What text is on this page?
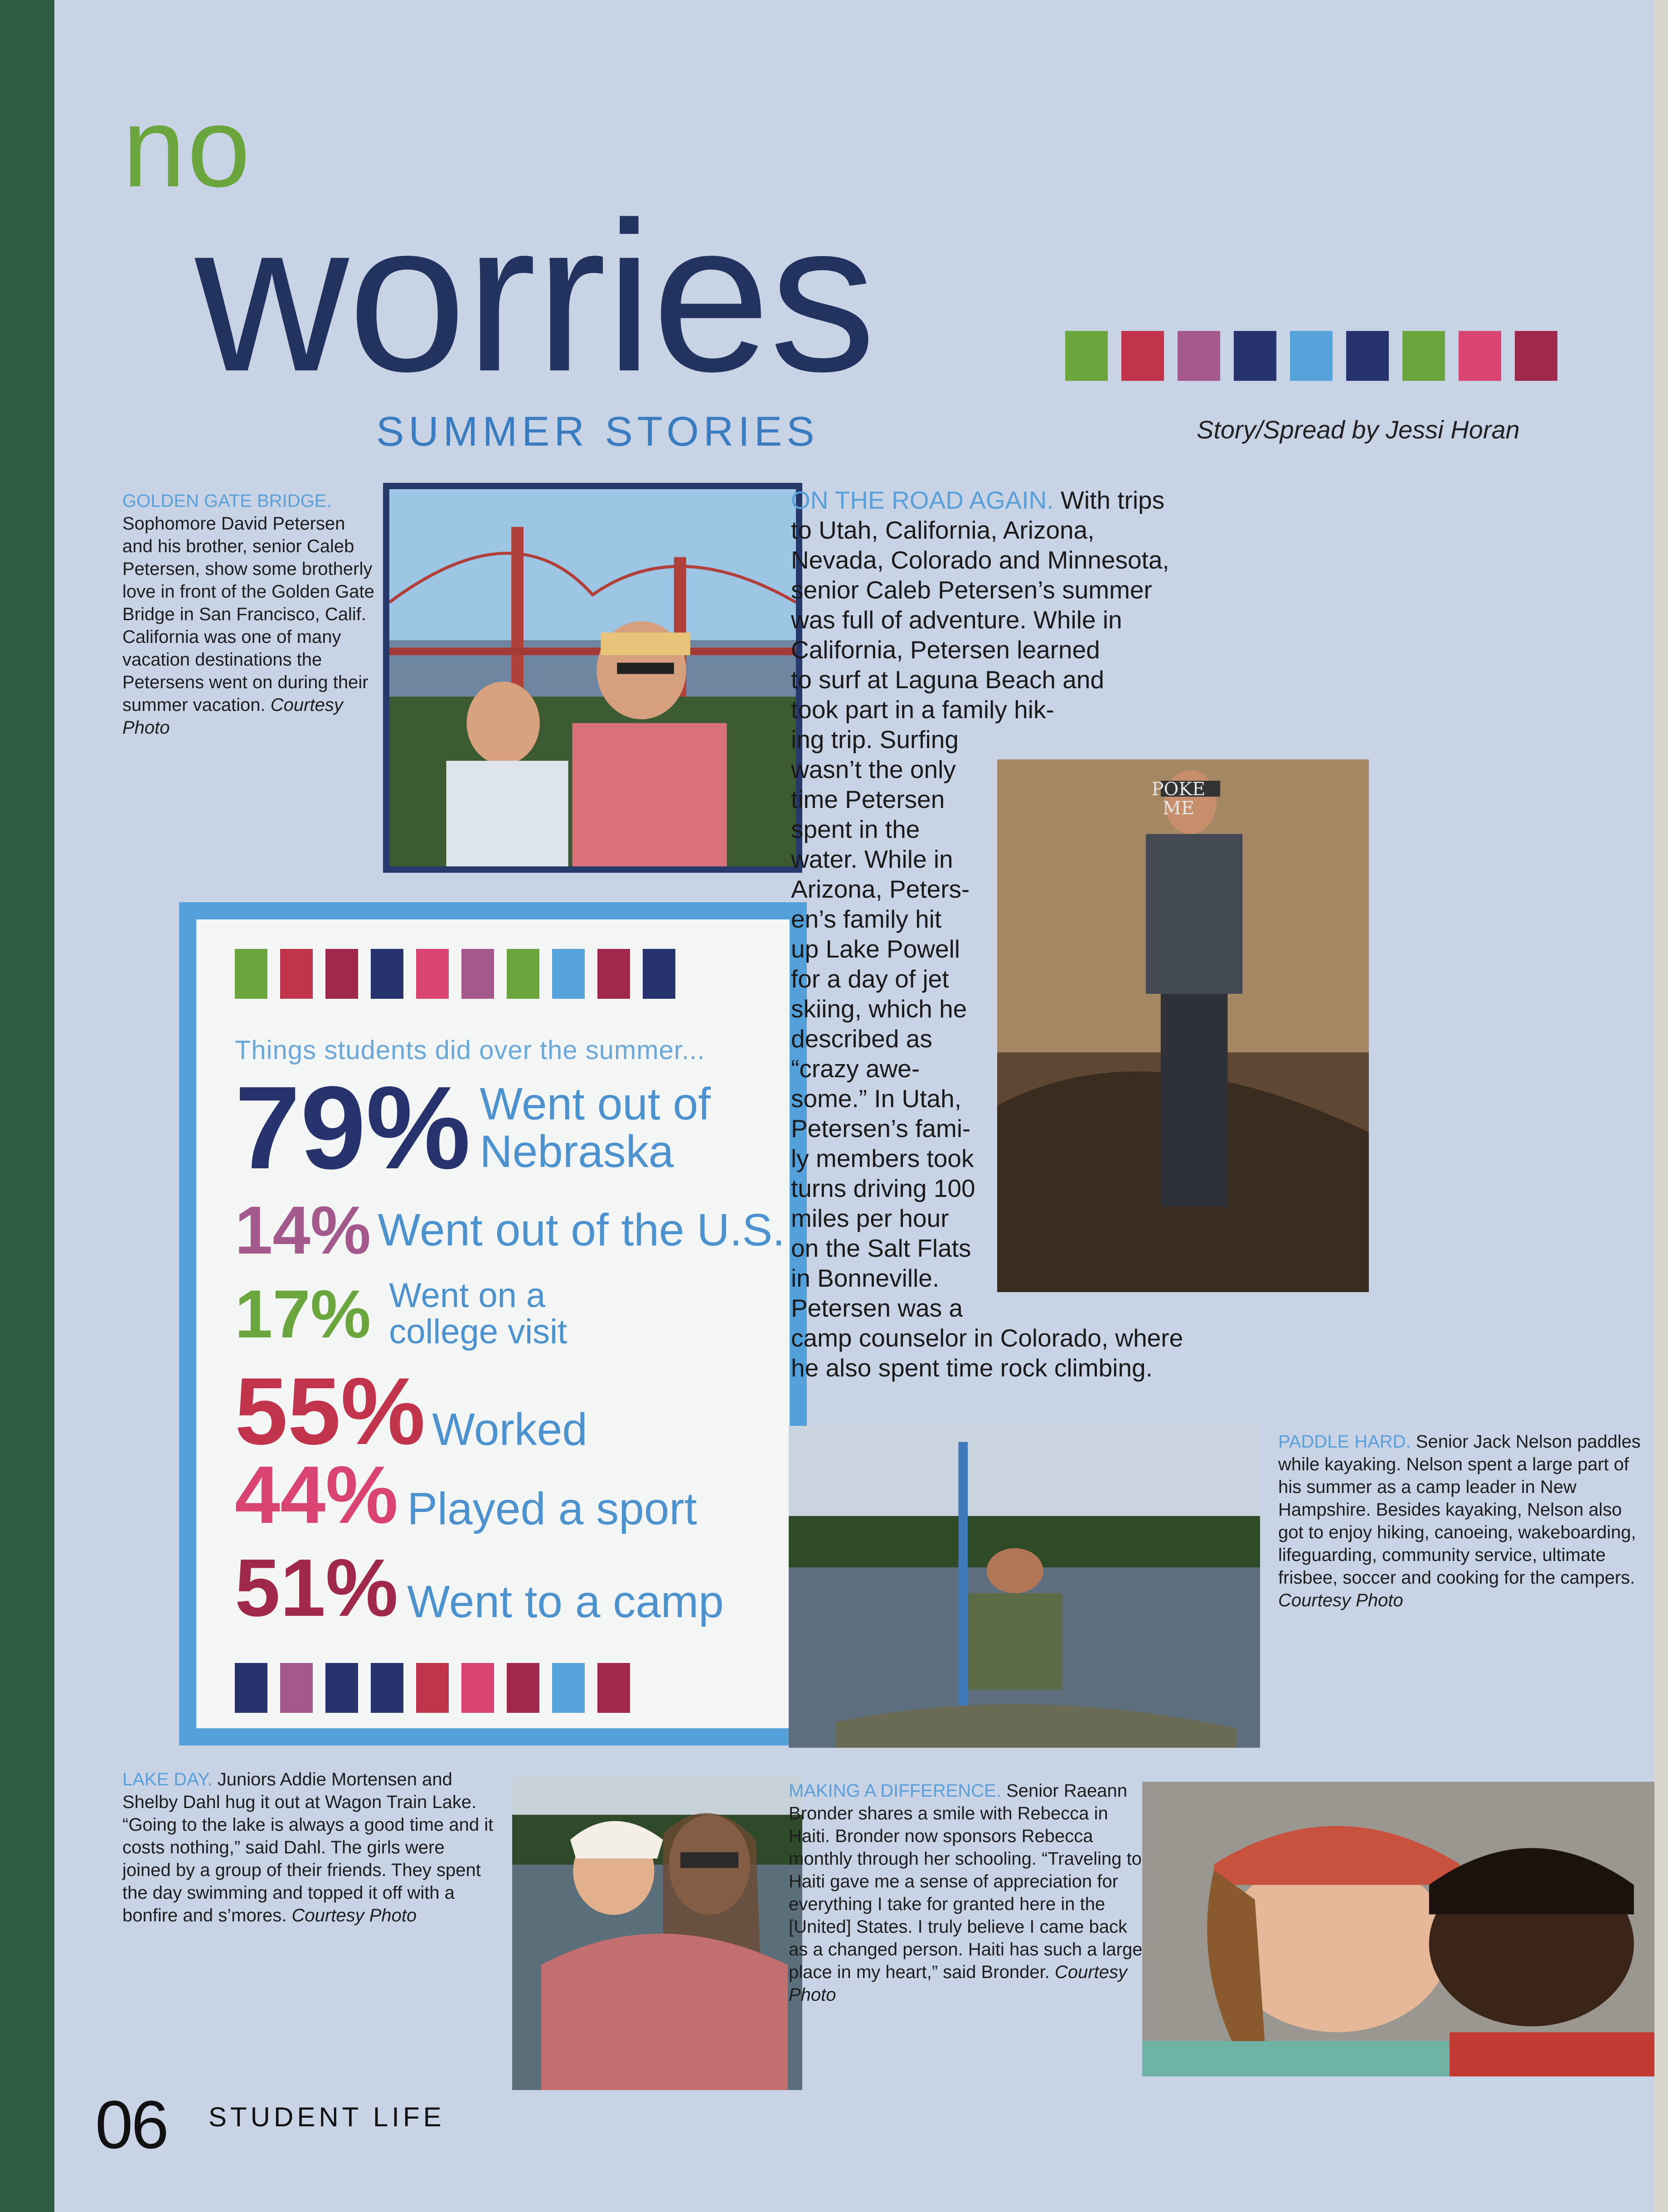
no
worries
SUMMER STORIES	Story/Spread by Jessi Horan
GOLDEN GATE BRIDGE.
Sophomore David Petersen and his brother, senior Caleb Petersen, show some brotherly love in front of the Golden Gate Bridge in San Francisco, Calif. California was one of many vacation destinations the Petersens went on during their summer vacation. Courtesy Photo
Things students did over the summer...
79% Went out of Nebraska
14% Went out of the U.S.
17% Went on a college visit
55% Worked
44% Played a sport
51% Went to a camp
ON THE ROAD AGAIN. With trips
to Utah, California, Arizona,
Nevada, Colorado and Minnesota,
senior Caleb Petersen’s summer
was full of adventure. While in
California, Petersen learned
to surf at Laguna Beach and
took part in a family hik-
ing trip. Surfing
wasn’t the only
time Petersen
spent in the
water. While in
Arizona, Peters-
en’s family hit
up Lake Powell
for a day of jet
skiing, which he
described as
“crazy awe-
some.” In Utah,
Petersen’s fami-
ly members took
turns driving 100
miles per hour
on the Salt Flats
in Bonneville.
Petersen was a
camp counselor in Colorado, where
he also spent time rock climbing.

POKE ME
PADDLE HARD. Senior Jack Nelson paddles while kayaking. Nelson spent a large part of his summer as a camp leader in New Hampshire. Besides kayaking, Nelson also got to enjoy hiking, canoeing, wakeboarding, lifeguarding, community service, ultimate frisbee, soccer and cooking for the campers. Courtesy Photo
LAKE DAY. Juniors Addie Mortensen and Shelby Dahl hug it out at Wagon Train Lake. “Going to the lake is always a good time and it costs nothing,” said Dahl. The girls were joined by a group of their friends. They spent the day swimming and topped it off with a bonfire and s’mores. Courtesy Photo
MAKING A DIFFERENCE. Senior Raeann Bronder shares a smile with Rebecca in Haiti. Bronder now sponsors Rebecca monthly through her schooling. “Traveling to Haiti gave me a sense of appreciation for everything I take for granted here in the [United] States. I truly believe I came back as a changed person. Haiti has such a large place in my heart,” said Bronder. Courtesy Photo
06 STUDENT LIFE
